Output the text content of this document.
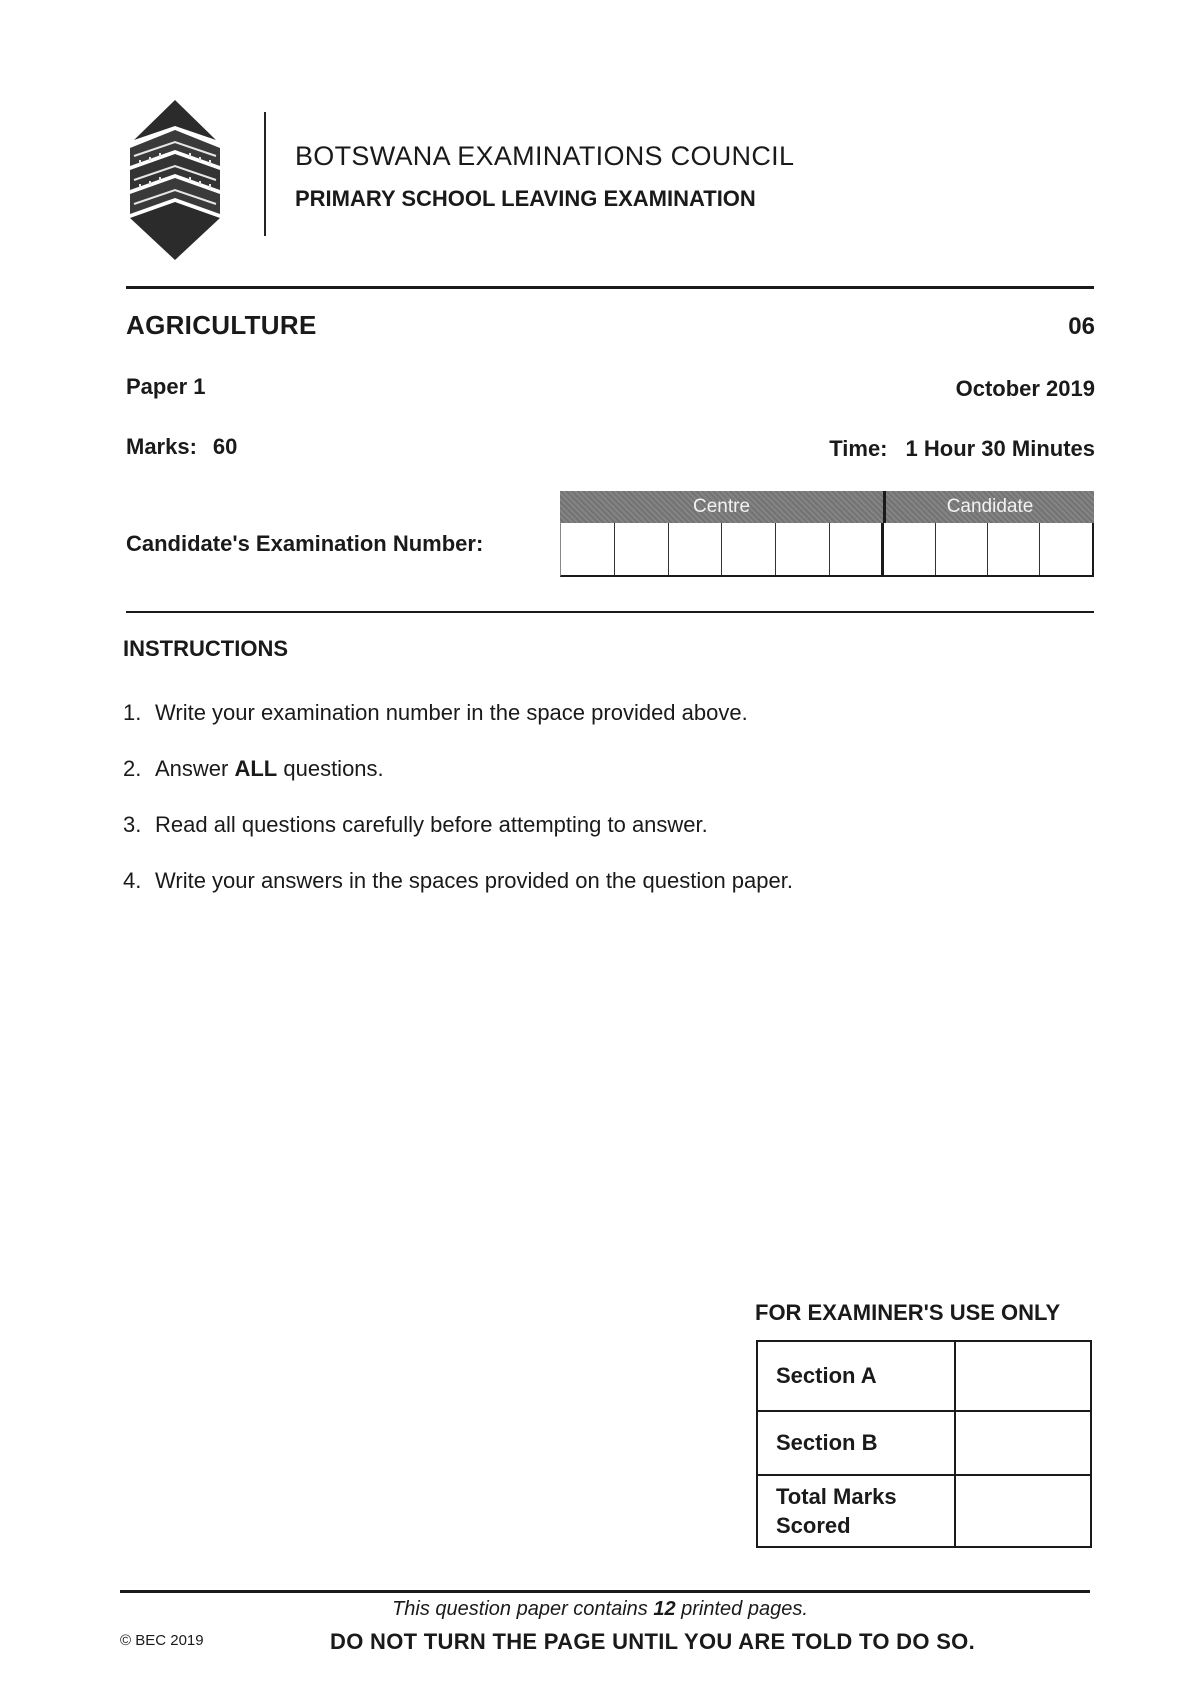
BOTSWANA EXAMINATIONS COUNCIL
PRIMARY SCHOOL LEAVING EXAMINATION
AGRICULTURE	06
Paper 1	October 2019
Marks: 60	Time: 1 Hour 30 Minutes
Candidate's Examination Number:
Centre	Candidate
INSTRUCTIONS
1. Write your examination number in the space provided above.
2. Answer ALL questions.
3. Read all questions carefully before attempting to answer.
4. Write your answers in the spaces provided on the question paper.
FOR EXAMINER'S USE ONLY
Section A	
Section B	
Total Marks Scored	
This question paper contains 12 printed pages.
© BEC 2019	DO NOT TURN THE PAGE UNTIL YOU ARE TOLD TO DO SO.
